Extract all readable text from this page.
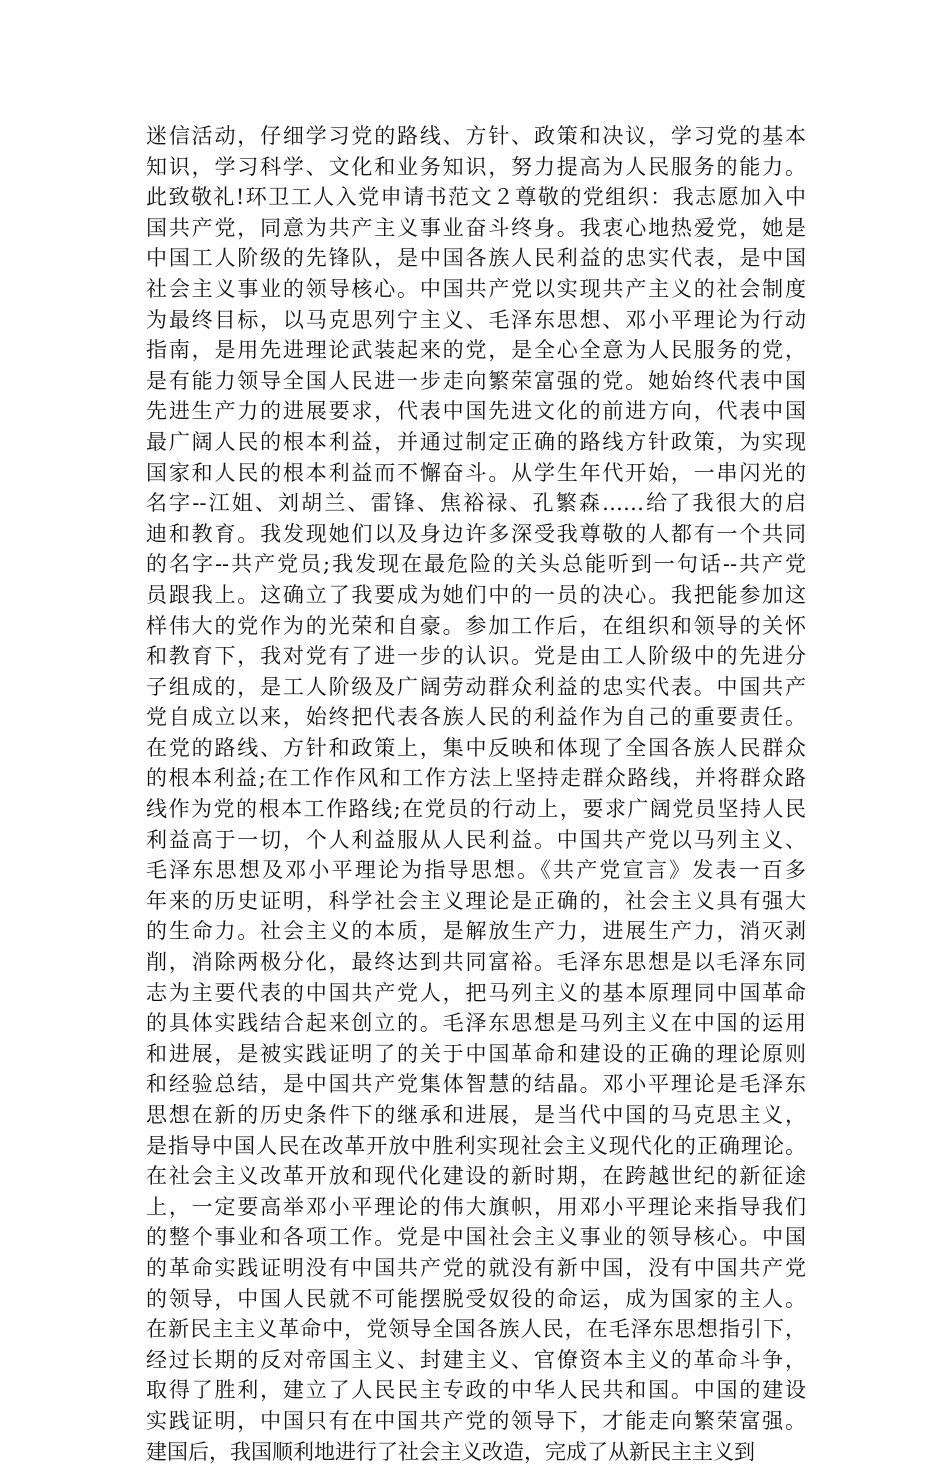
迷信活动，仔细学习党的路线、方针、政策和决议，学习党的基本
知识，学习科学、文化和业务知识，努力提高为人民服务的能力。
此致敬礼!环卫工人入党申请书范文２尊敬的党组织：我志愿加入中
国共产党，同意为共产主义事业奋斗终身。我衷心地热爱党，她是
中国工人阶级的先锋队，是中国各族人民利益的忠实代表，是中国
社会主义事业的领导核心。中国共产党以实现共产主义的社会制度
为最终目标，以马克思列宁主义、毛泽东思想、邓小平理论为行动
指南，是用先进理论武装起来的党，是全心全意为人民服务的党，
是有能力领导全国人民进一步走向繁荣富强的党。她始终代表中国
先进生产力的进展要求，代表中国先进文化的前进方向，代表中国
最广阔人民的根本利益，并通过制定正确的路线方针政策，为实现
国家和人民的根本利益而不懈奋斗。从学生年代开始，一串闪光的
名字--江姐、刘胡兰、雷锋、焦裕禄、孔繁森……给了我很大的启
迪和教育。我发现她们以及身边许多深受我尊敬的人都有一个共同
的名字--共产党员;我发现在最危险的关头总能听到一句话--共产党
员跟我上。这确立了我要成为她们中的一员的决心。我把能参加这
样伟大的党作为的光荣和自豪。参加工作后，在组织和领导的关怀
和教育下，我对党有了进一步的认识。党是由工人阶级中的先进分
子组成的，是工人阶级及广阔劳动群众利益的忠实代表。中国共产
党自成立以来，始终把代表各族人民的利益作为自己的重要责任。
在党的路线、方针和政策上，集中反映和体现了全国各族人民群众
的根本利益;在工作作风和工作方法上坚持走群众路线，并将群众路
线作为党的根本工作路线;在党员的行动上，要求广阔党员坚持人民
利益高于一切，个人利益服从人民利益。中国共产党以马列主义、
毛泽东思想及邓小平理论为指导思想。《共产党宣言》发表一百多
年来的历史证明，科学社会主义理论是正确的，社会主义具有强大
的生命力。社会主义的本质，是解放生产力，进展生产力，消灭剥
削，消除两极分化，最终达到共同富裕。毛泽东思想是以毛泽东同
志为主要代表的中国共产党人，把马列主义的基本原理同中国革命
的具体实践结合起来创立的。毛泽东思想是马列主义在中国的运用
和进展，是被实践证明了的关于中国革命和建设的正确的理论原则
和经验总结，是中国共产党集体智慧的结晶。邓小平理论是毛泽东
思想在新的历史条件下的继承和进展，是当代中国的马克思主义，
是指导中国人民在改革开放中胜利实现社会主义现代化的正确理论。
在社会主义改革开放和现代化建设的新时期，在跨越世纪的新征途
上，一定要高举邓小平理论的伟大旗帜，用邓小平理论来指导我们
的整个事业和各项工作。党是中国社会主义事业的领导核心。中国
的革命实践证明没有中国共产党的就没有新中国，没有中国共产党
的领导，中国人民就不可能摆脱受奴役的命运，成为国家的主人。
在新民主主义革命中，党领导全国各族人民，在毛泽东思想指引下，
经过长期的反对帝国主义、封建主义、官僚资本主义的革命斗争，
取得了胜利，建立了人民民主专政的中华人民共和国。中国的建设
实践证明，中国只有在中国共产党的领导下，才能走向繁荣富强。
建国后，我国顺利地进行了社会主义改造，完成了从新民主主义到
